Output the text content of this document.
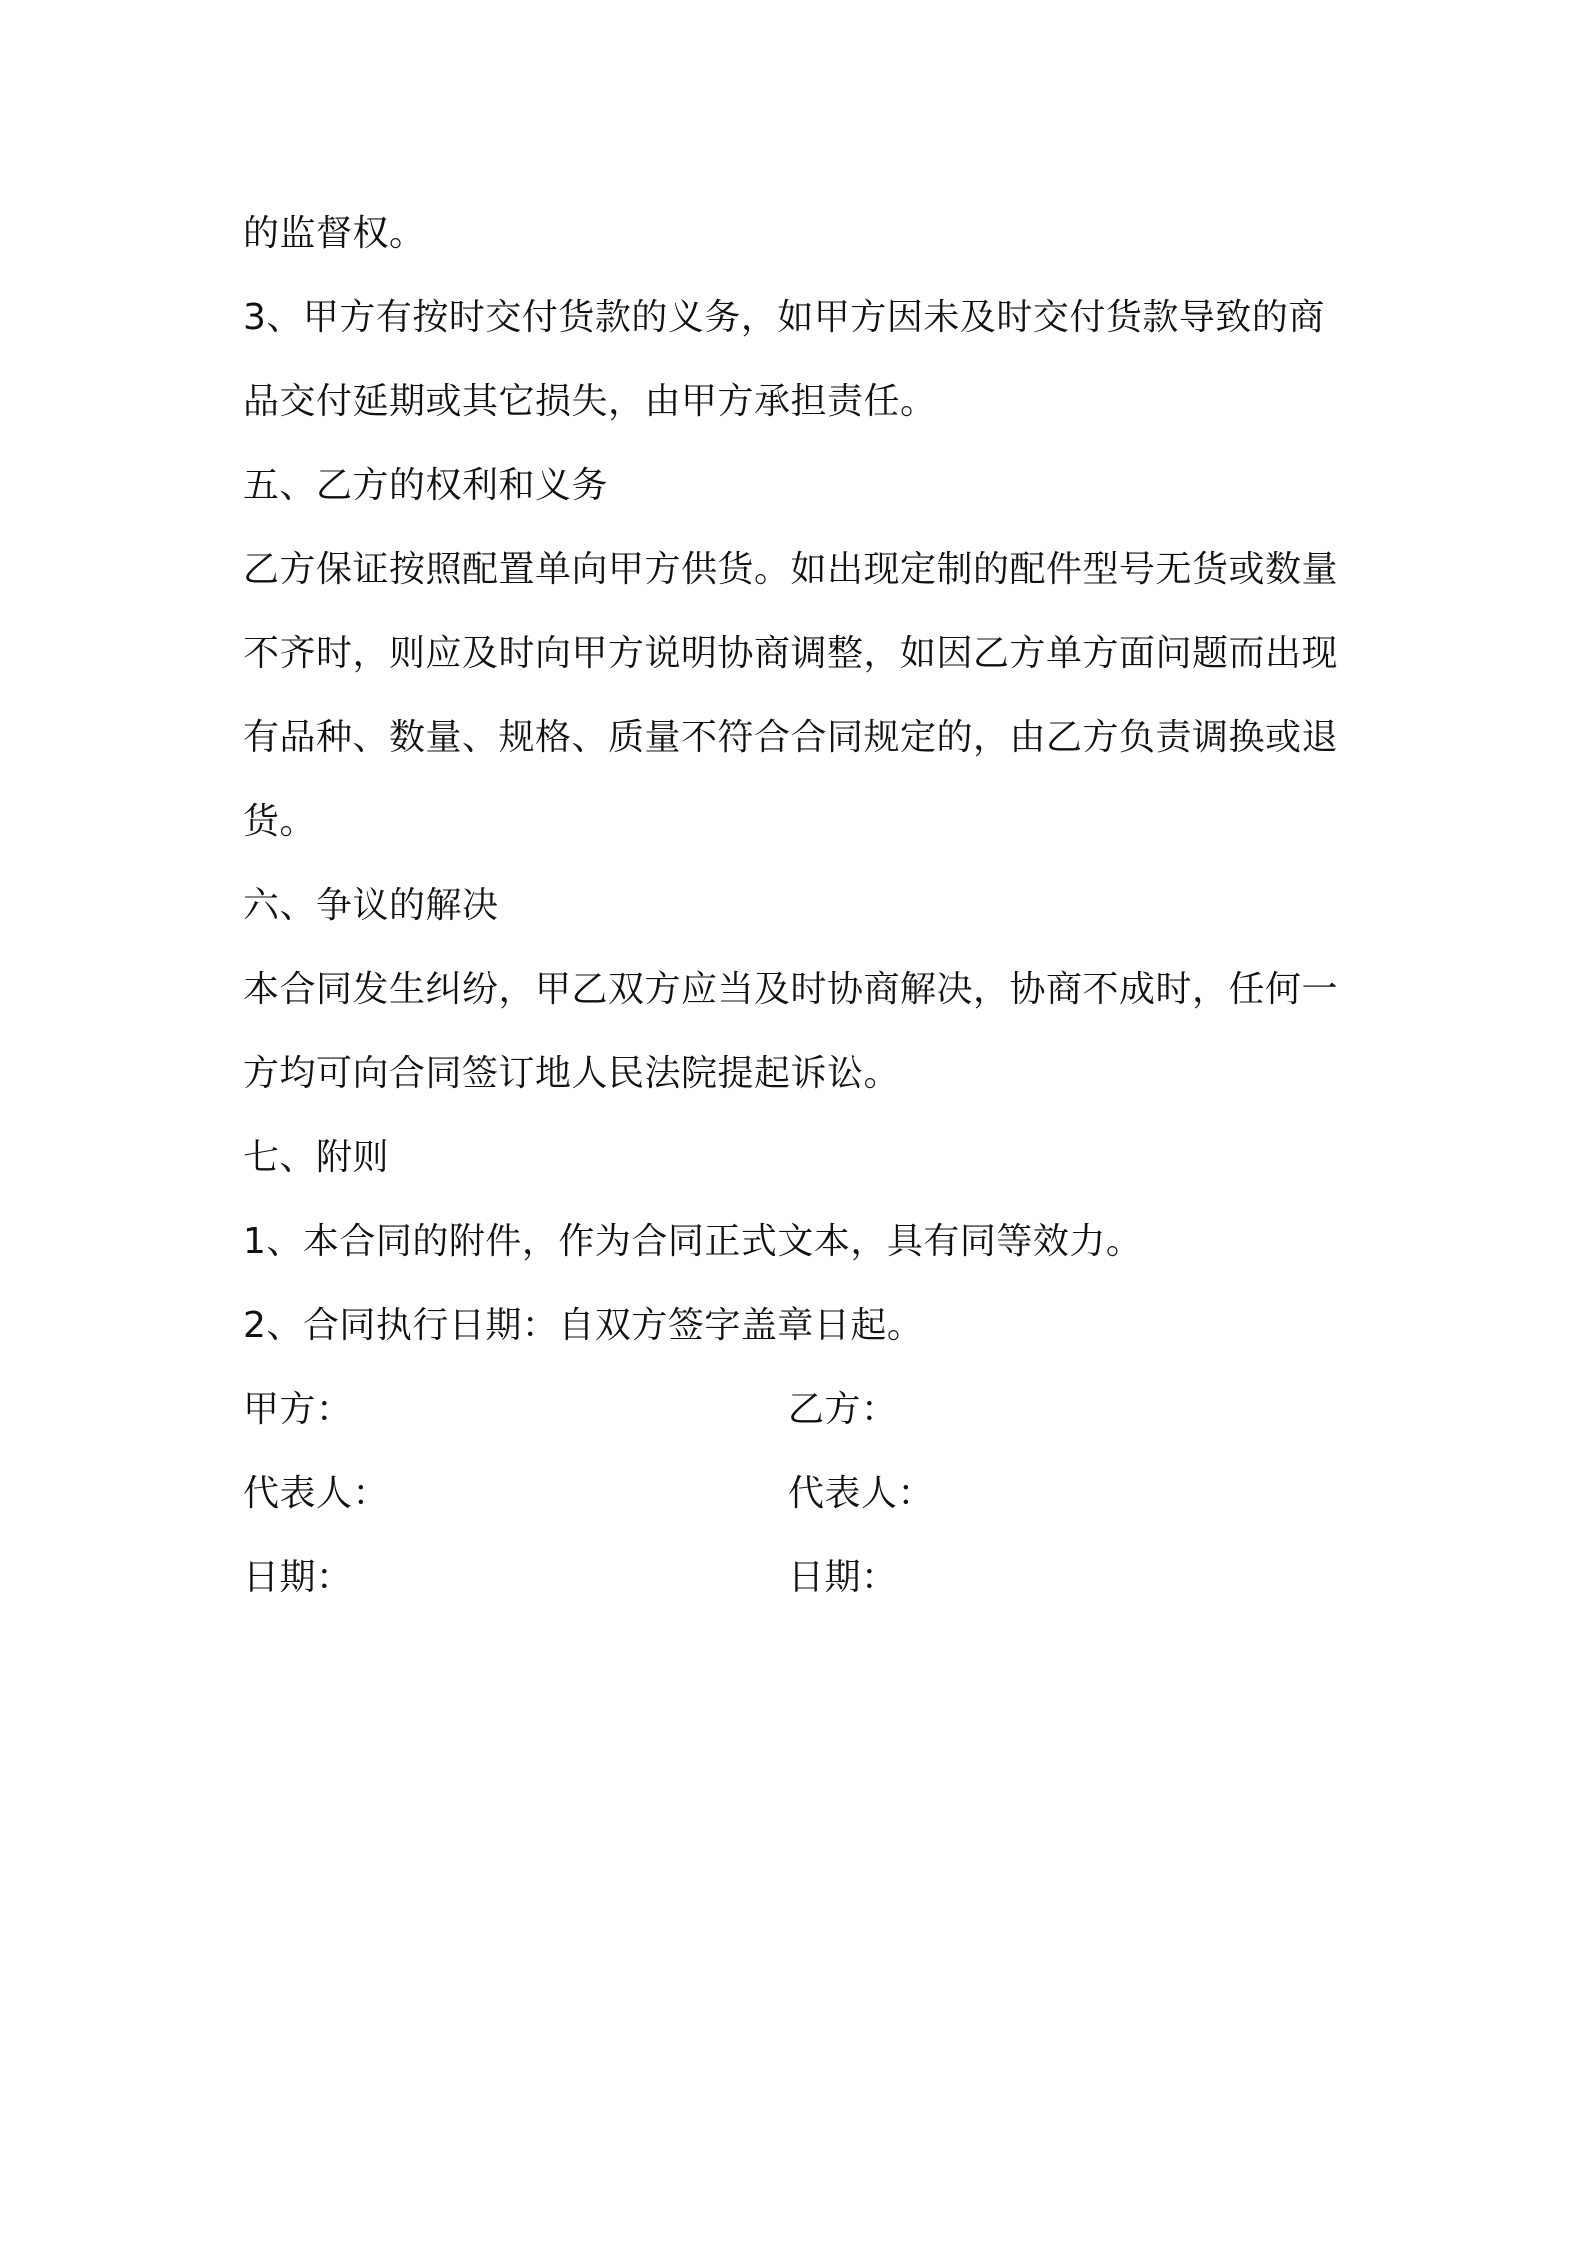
的监督权。
3、甲方有按时交付货款的义务，如甲方因未及时交付货款导致的商
品交付延期或其它损失，由甲方承担责任。
五、乙方的权利和义务
乙方保证按照配置单向甲方供货。如出现定制的配件型号无货或数量
不齐时，则应及时向甲方说明协商调整，如因乙方单方面问题而出现
有品种、数量、规格、质量不符合合同规定的，由乙方负责调换或退
货。
六、争议的解决
本合同发生纠纷，甲乙双方应当及时协商解决，协商不成时，任何一
方均可向合同签订地人民法院提起诉讼。
七、附则
1、本合同的附件，作为合同正式文本，具有同等效力。
2、合同执行日期：自双方签字盖章日起。
甲方：	乙方：
代表人：	代表人：
日期：	日期：
